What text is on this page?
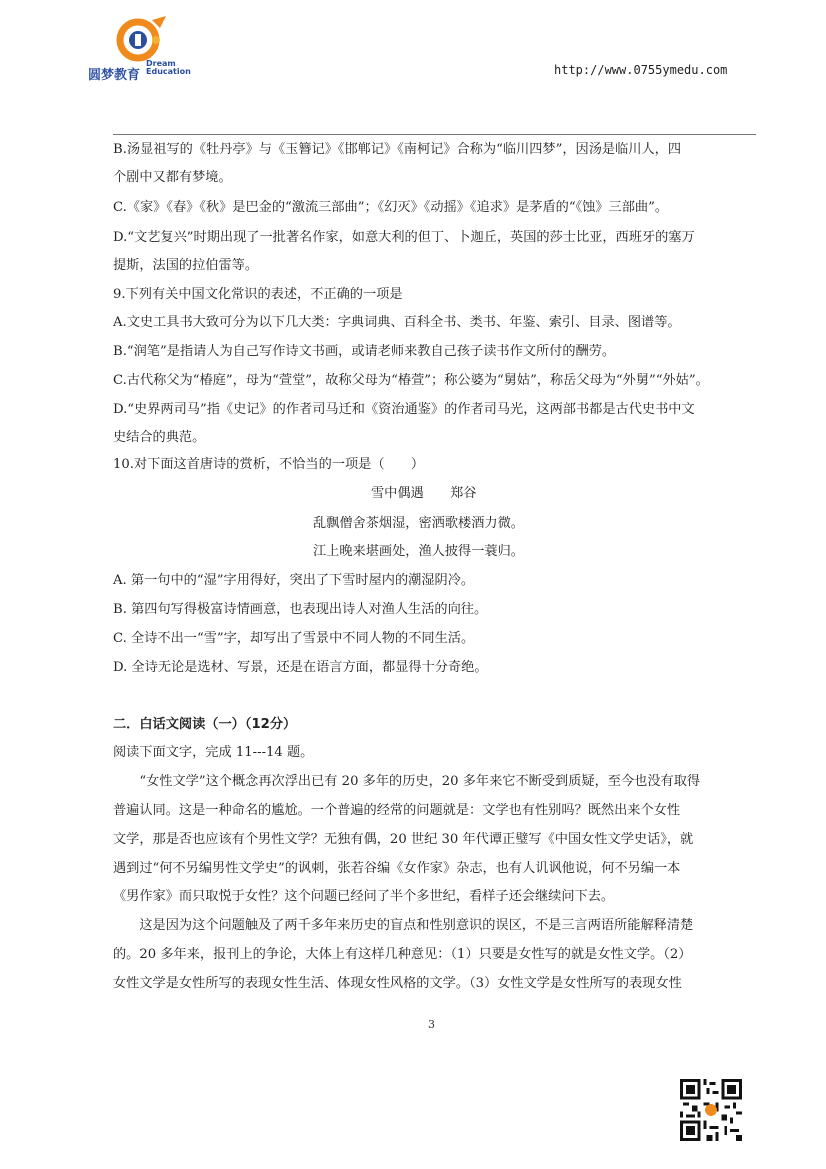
圆梦教育
Dream
Education	http://www.0755ymedu.com
B.汤显祖写的《牡丹亭》与《玉簪记》《邯郸记》《南柯记》合称为“临川四梦”，因汤是临川人，四
个剧中又都有梦境。
C.《家》《春》《秋》是巴金的“激流三部曲”；《幻灭》《动摇》《追求》是茅盾的“《蚀》三部曲”。
D.“文艺复兴”时期出现了一批著名作家，如意大利的但丁、卜迦丘，英国的莎士比亚，西班牙的塞万
提斯，法国的拉伯雷等。
9.下列有关中国文化常识的表述，不正确的一项是
A.文史工具书大致可分为以下几大类：字典词典、百科全书、类书、年鉴、索引、目录、图谱等。
B.“润笔”是指请人为自己写作诗文书画，或请老师来教自己孩子读书作文所付的酬劳。
C.古代称父为“椿庭”，母为“萱堂”，故称父母为“椿萱”；称公婆为“舅姑”，称岳父母为“外舅”“外姑”。
D.“史界两司马”指《史记》的作者司马迁和《资治通鉴》的作者司马光，这两部书都是古代史书中文
史结合的典范。
10.对下面这首唐诗的赏析，不恰当的一项是（　　）
雪中偶遇　　郑谷
乱飘僧舍茶烟湿，密洒歌楼酒力微。
江上晚来堪画处，渔人披得一蓑归。
A. 第一句中的“湿”字用得好，突出了下雪时屋内的潮湿阴冷。
B. 第四句写得极富诗情画意，也表现出诗人对渔人生活的向往。
C. 全诗不出一“雪”字，却写出了雪景中不同人物的不同生活。
D. 全诗无论是选材、写景，还是在语言方面，都显得十分奇绝。
二．白话文阅读（一）（12分）
阅读下面文字，完成 11---14 题。
　　“女性文学”这个概念再次浮出已有 20 多年的历史，20 多年来它不断受到质疑，至今也没有取得
普遍认同。这是一种命名的尴尬。一个普遍的经常的问题就是：文学也有性别吗？既然出来个女性
文学，那是否也应该有个男性文学？无独有偶，20 世纪 30 年代谭正璧写《中国女性文学史话》，就
遇到过“何不另编男性文学史”的讽刺，张若谷编《女作家》杂志，也有人讥讽他说，何不另编一本
《男作家》而只取悦于女性？这个问题已经问了半个多世纪，看样子还会继续问下去。
　　这是因为这个问题触及了两千多年来历史的盲点和性别意识的误区，不是三言两语所能解释清楚
的。20 多年来，报刊上的争论，大体上有这样几种意见：（1）只要是女性写的就是女性文学。（2）
女性文学是女性所写的表现女性生活、体现女性风格的文学。（3）女性文学是女性所写的表现女性
3
